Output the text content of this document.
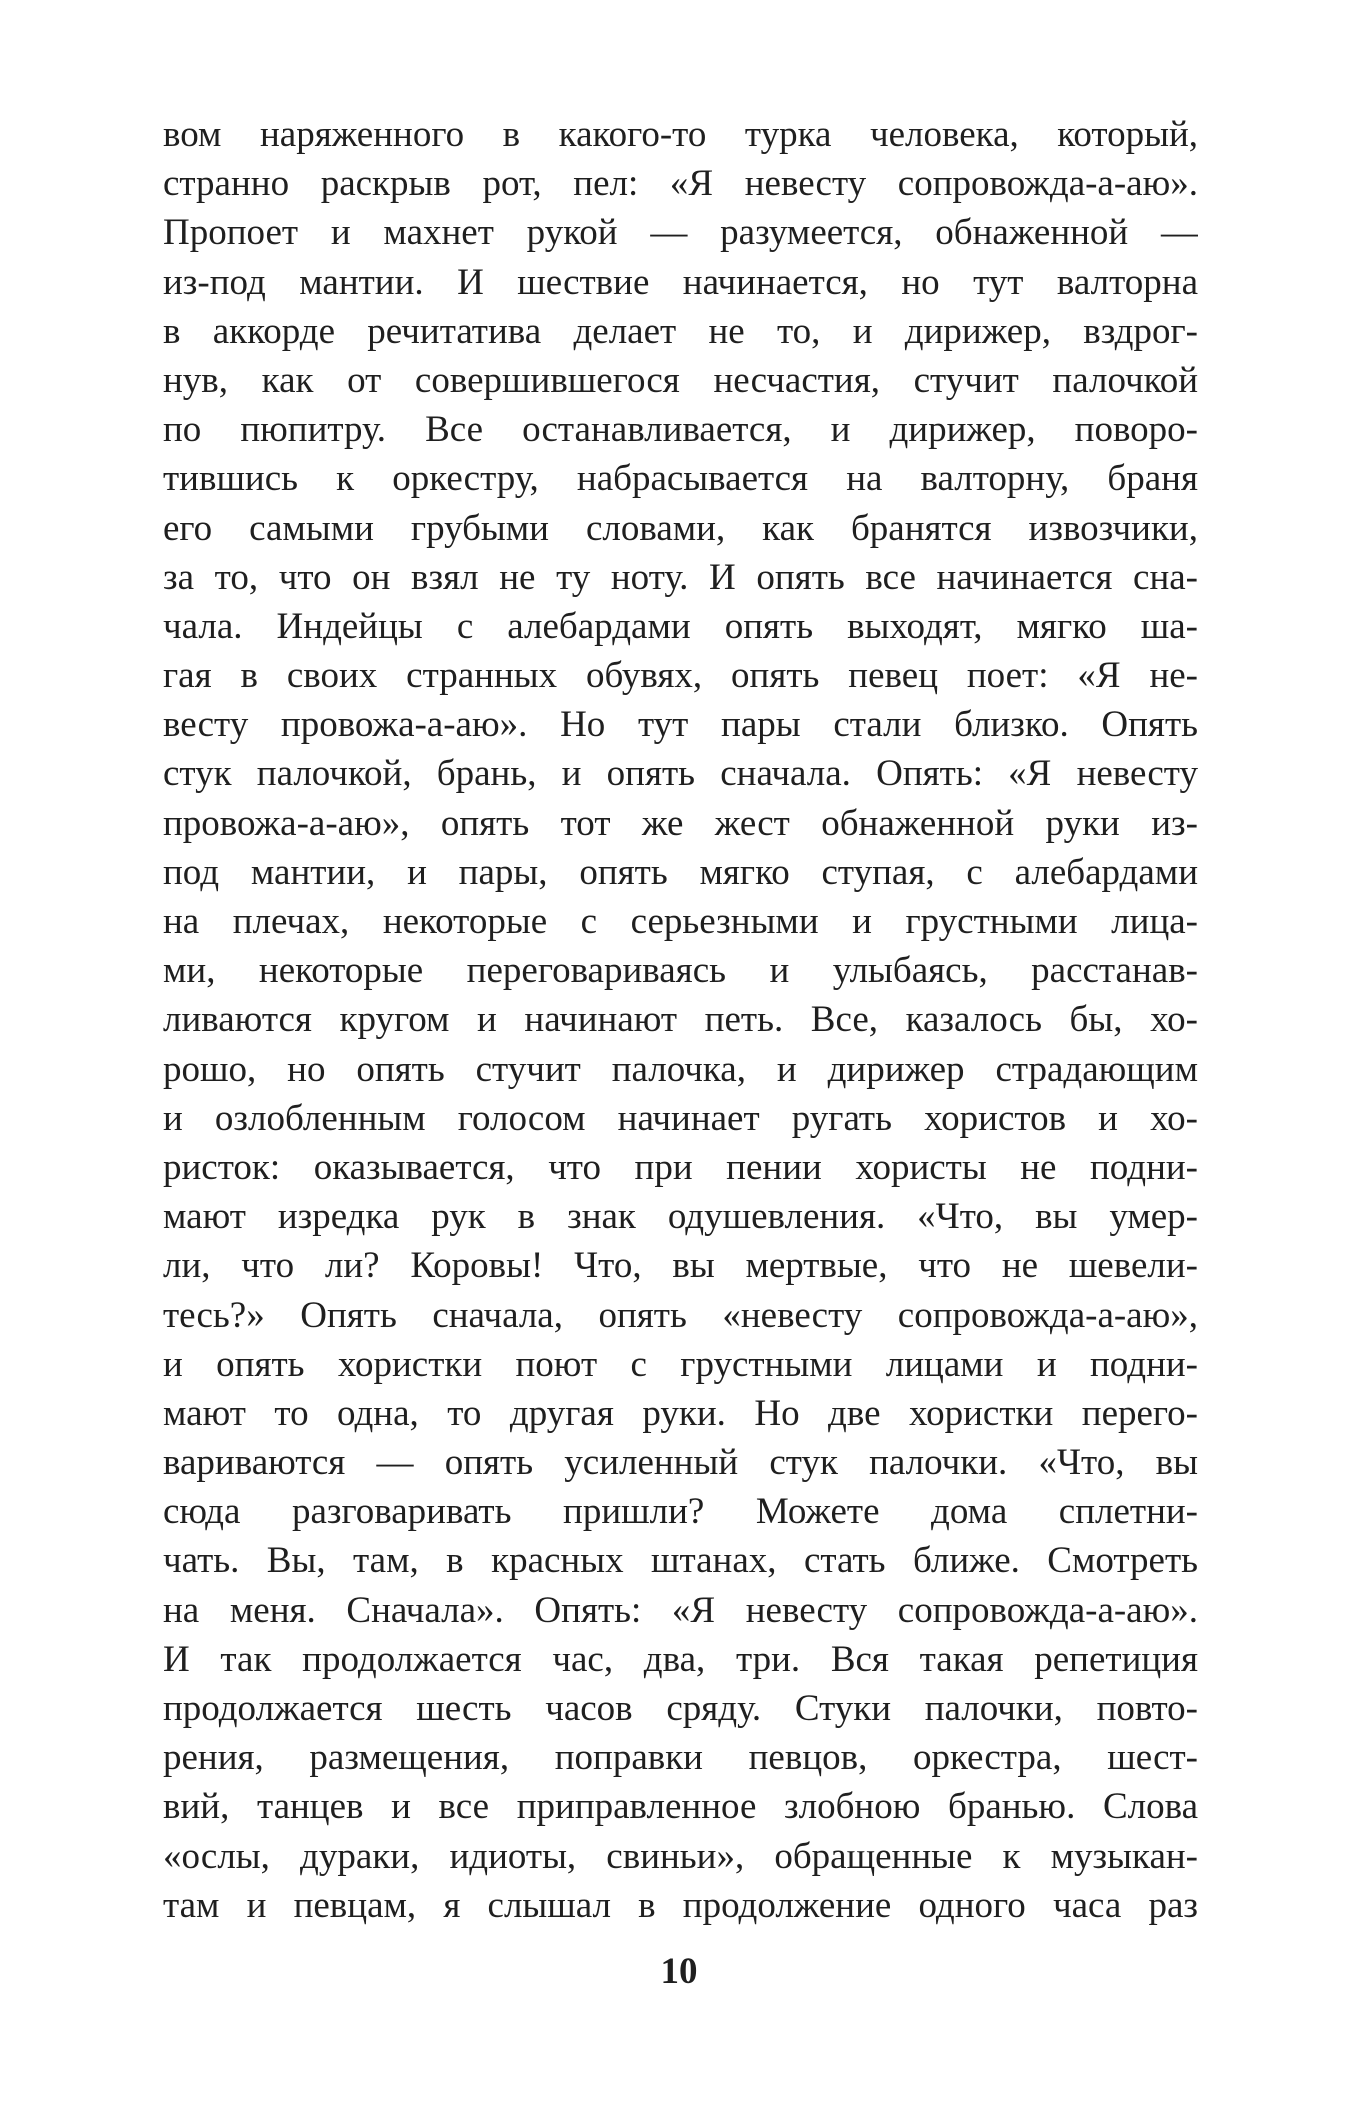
вом наряженного в какого-то турка человека, который,
странно раскрыв рот, пел: «Я невесту сопровожда-а-аю».
Пропоет и махнет рукой — разумеется, обнаженной —
из-под мантии. И шествие начинается, но тут валторна
в аккорде речитатива делает не то, и дирижер, вздрог-
нув, как от совершившегося несчастия, стучит палочкой
по пюпитру. Все останавливается, и дирижер, поворо-
тившись к оркестру, набрасывается на валторну, браня
его самыми грубыми словами, как бранятся извозчики,
за то, что он взял не ту ноту. И опять все начинается сна-
чала. Индейцы с алебардами опять выходят, мягко ша-
гая в своих странных обувях, опять певец поет: «Я не-
весту провожа-а-аю». Но тут пары стали близко. Опять
стук палочкой, брань, и опять сначала. Опять: «Я невесту
провожа-а-аю», опять тот же жест обнаженной руки из-
под мантии, и пары, опять мягко ступая, с алебардами
на плечах, некоторые с серьезными и грустными лица-
ми, некоторые переговариваясь и улыбаясь, расстанав-
ливаются кругом и начинают петь. Все, казалось бы, хо-
рошо, но опять стучит палочка, и дирижер страдающим
и озлобленным голосом начинает ругать хористов и хо-
ристок: оказывается, что при пении хористы не подни-
мают изредка рук в знак одушевления. «Что, вы умер-
ли, что ли? Коровы! Что, вы мертвые, что не шевели-
тесь?» Опять сначала, опять «невесту сопровожда-а-аю»,
и опять хористки поют с грустными лицами и подни-
мают то одна, то другая руки. Но две хористки перего-
вариваются — опять усиленный стук палочки. «Что, вы
сюда разговаривать пришли? Можете дома сплетни-
чать. Вы, там, в красных штанах, стать ближе. Смотреть
на меня. Сначала». Опять: «Я невесту сопровожда-а-аю».
И так продолжается час, два, три. Вся такая репетиция
продолжается шесть часов сряду. Стуки палочки, повто-
рения, размещения, поправки певцов, оркестра, шест-
вий, танцев и все приправленное злобною бранью. Слова
«ослы, дураки, идиоты, свиньи», обращенные к музыкан-
там и певцам, я слышал в продолжение одного часа раз
10
